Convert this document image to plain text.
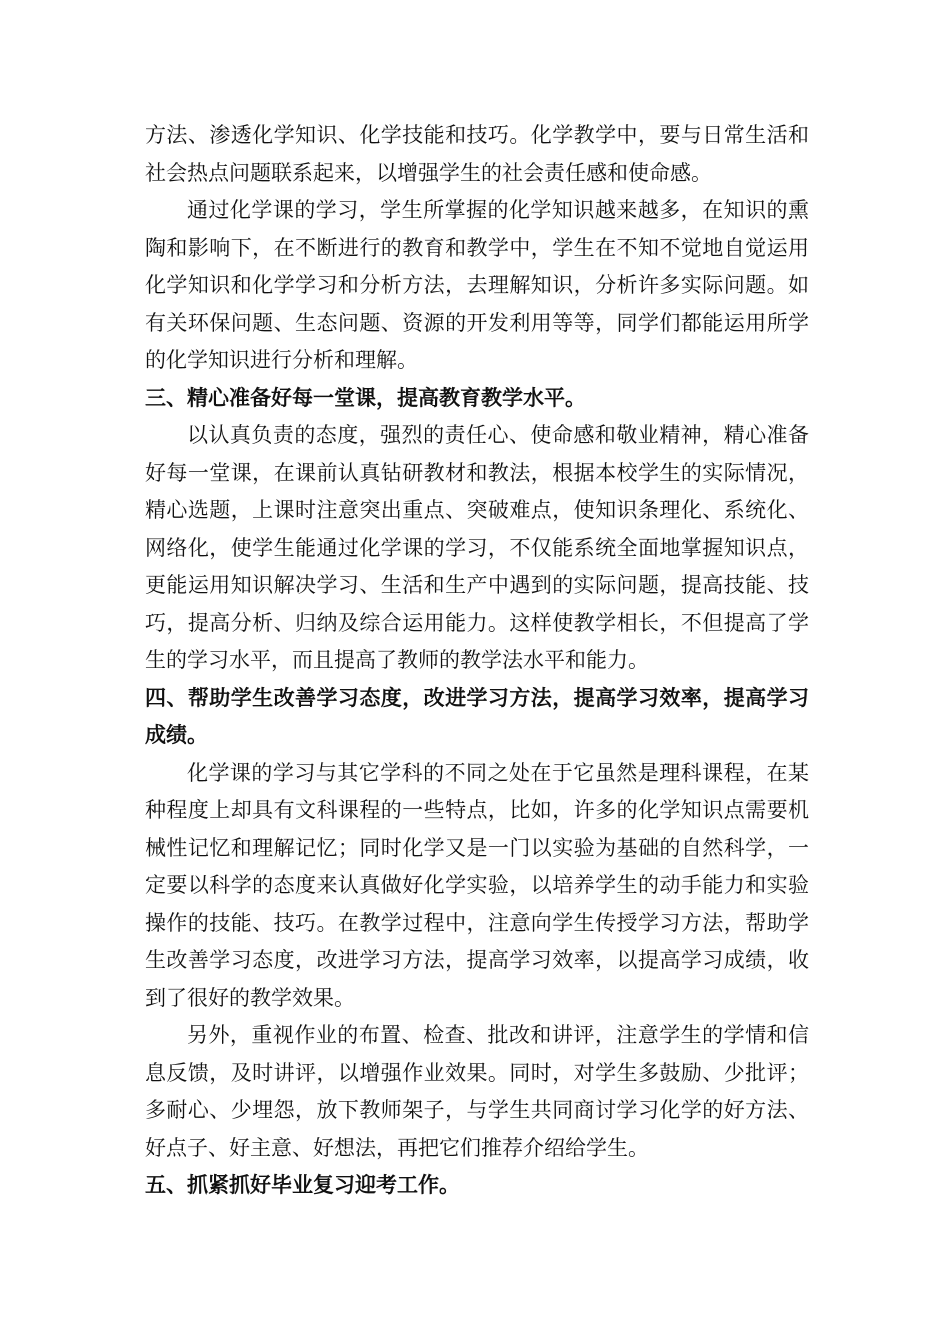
方法、渗透化学知识、化学技能和技巧。化学教学中，要与日常生活和社会热点问题联系起来，以增强学生的社会责任感和使命感。

通过化学课的学习，学生所掌握的化学知识越来越多，在知识的熏陶和影响下，在不断进行的教育和教学中，学生在不知不觉地自觉运用化学知识和化学学习和分析方法，去理解知识，分析许多实际问题。如有关环保问题、生态问题、资源的开发利用等等，同学们都能运用所学的化学知识进行分析和理解。

三、精心准备好每一堂课，提高教育教学水平。

以认真负责的态度，强烈的责任心、使命感和敬业精神，精心准备好每一堂课，在课前认真钻研教材和教法，根据本校学生的实际情况，精心选题，上课时注意突出重点、突破难点，使知识条理化、系统化、网络化，使学生能通过化学课的学习，不仅能系统全面地掌握知识点，更能运用知识解决学习、生活和生产中遇到的实际问题，提高技能、技巧，提高分析、归纳及综合运用能力。这样使教学相长，不但提高了学生的学习水平，而且提高了教师的教学法水平和能力。

四、帮助学生改善学习态度，改进学习方法，提高学习效率，提高学习成绩。

化学课的学习与其它学科的不同之处在于它虽然是理科课程，在某种程度上却具有文科课程的一些特点，比如，许多的化学知识点需要机械性记忆和理解记忆；同时化学又是一门以实验为基础的自然科学，一定要以科学的态度来认真做好化学实验，以培养学生的动手能力和实验操作的技能、技巧。在教学过程中，注意向学生传授学习方法，帮助学生改善学习态度，改进学习方法，提高学习效率，以提高学习成绩，收到了很好的教学效果。

另外，重视作业的布置、检查、批改和讲评，注意学生的学情和信息反馈，及时讲评，以增强作业效果。同时，对学生多鼓励、少批评；多耐心、少埋怨，放下教师架子，与学生共同商讨学习化学的好方法、好点子、好主意、好想法，再把它们推荐介绍给学生。

五、抓紧抓好毕业复习迎考工作。
